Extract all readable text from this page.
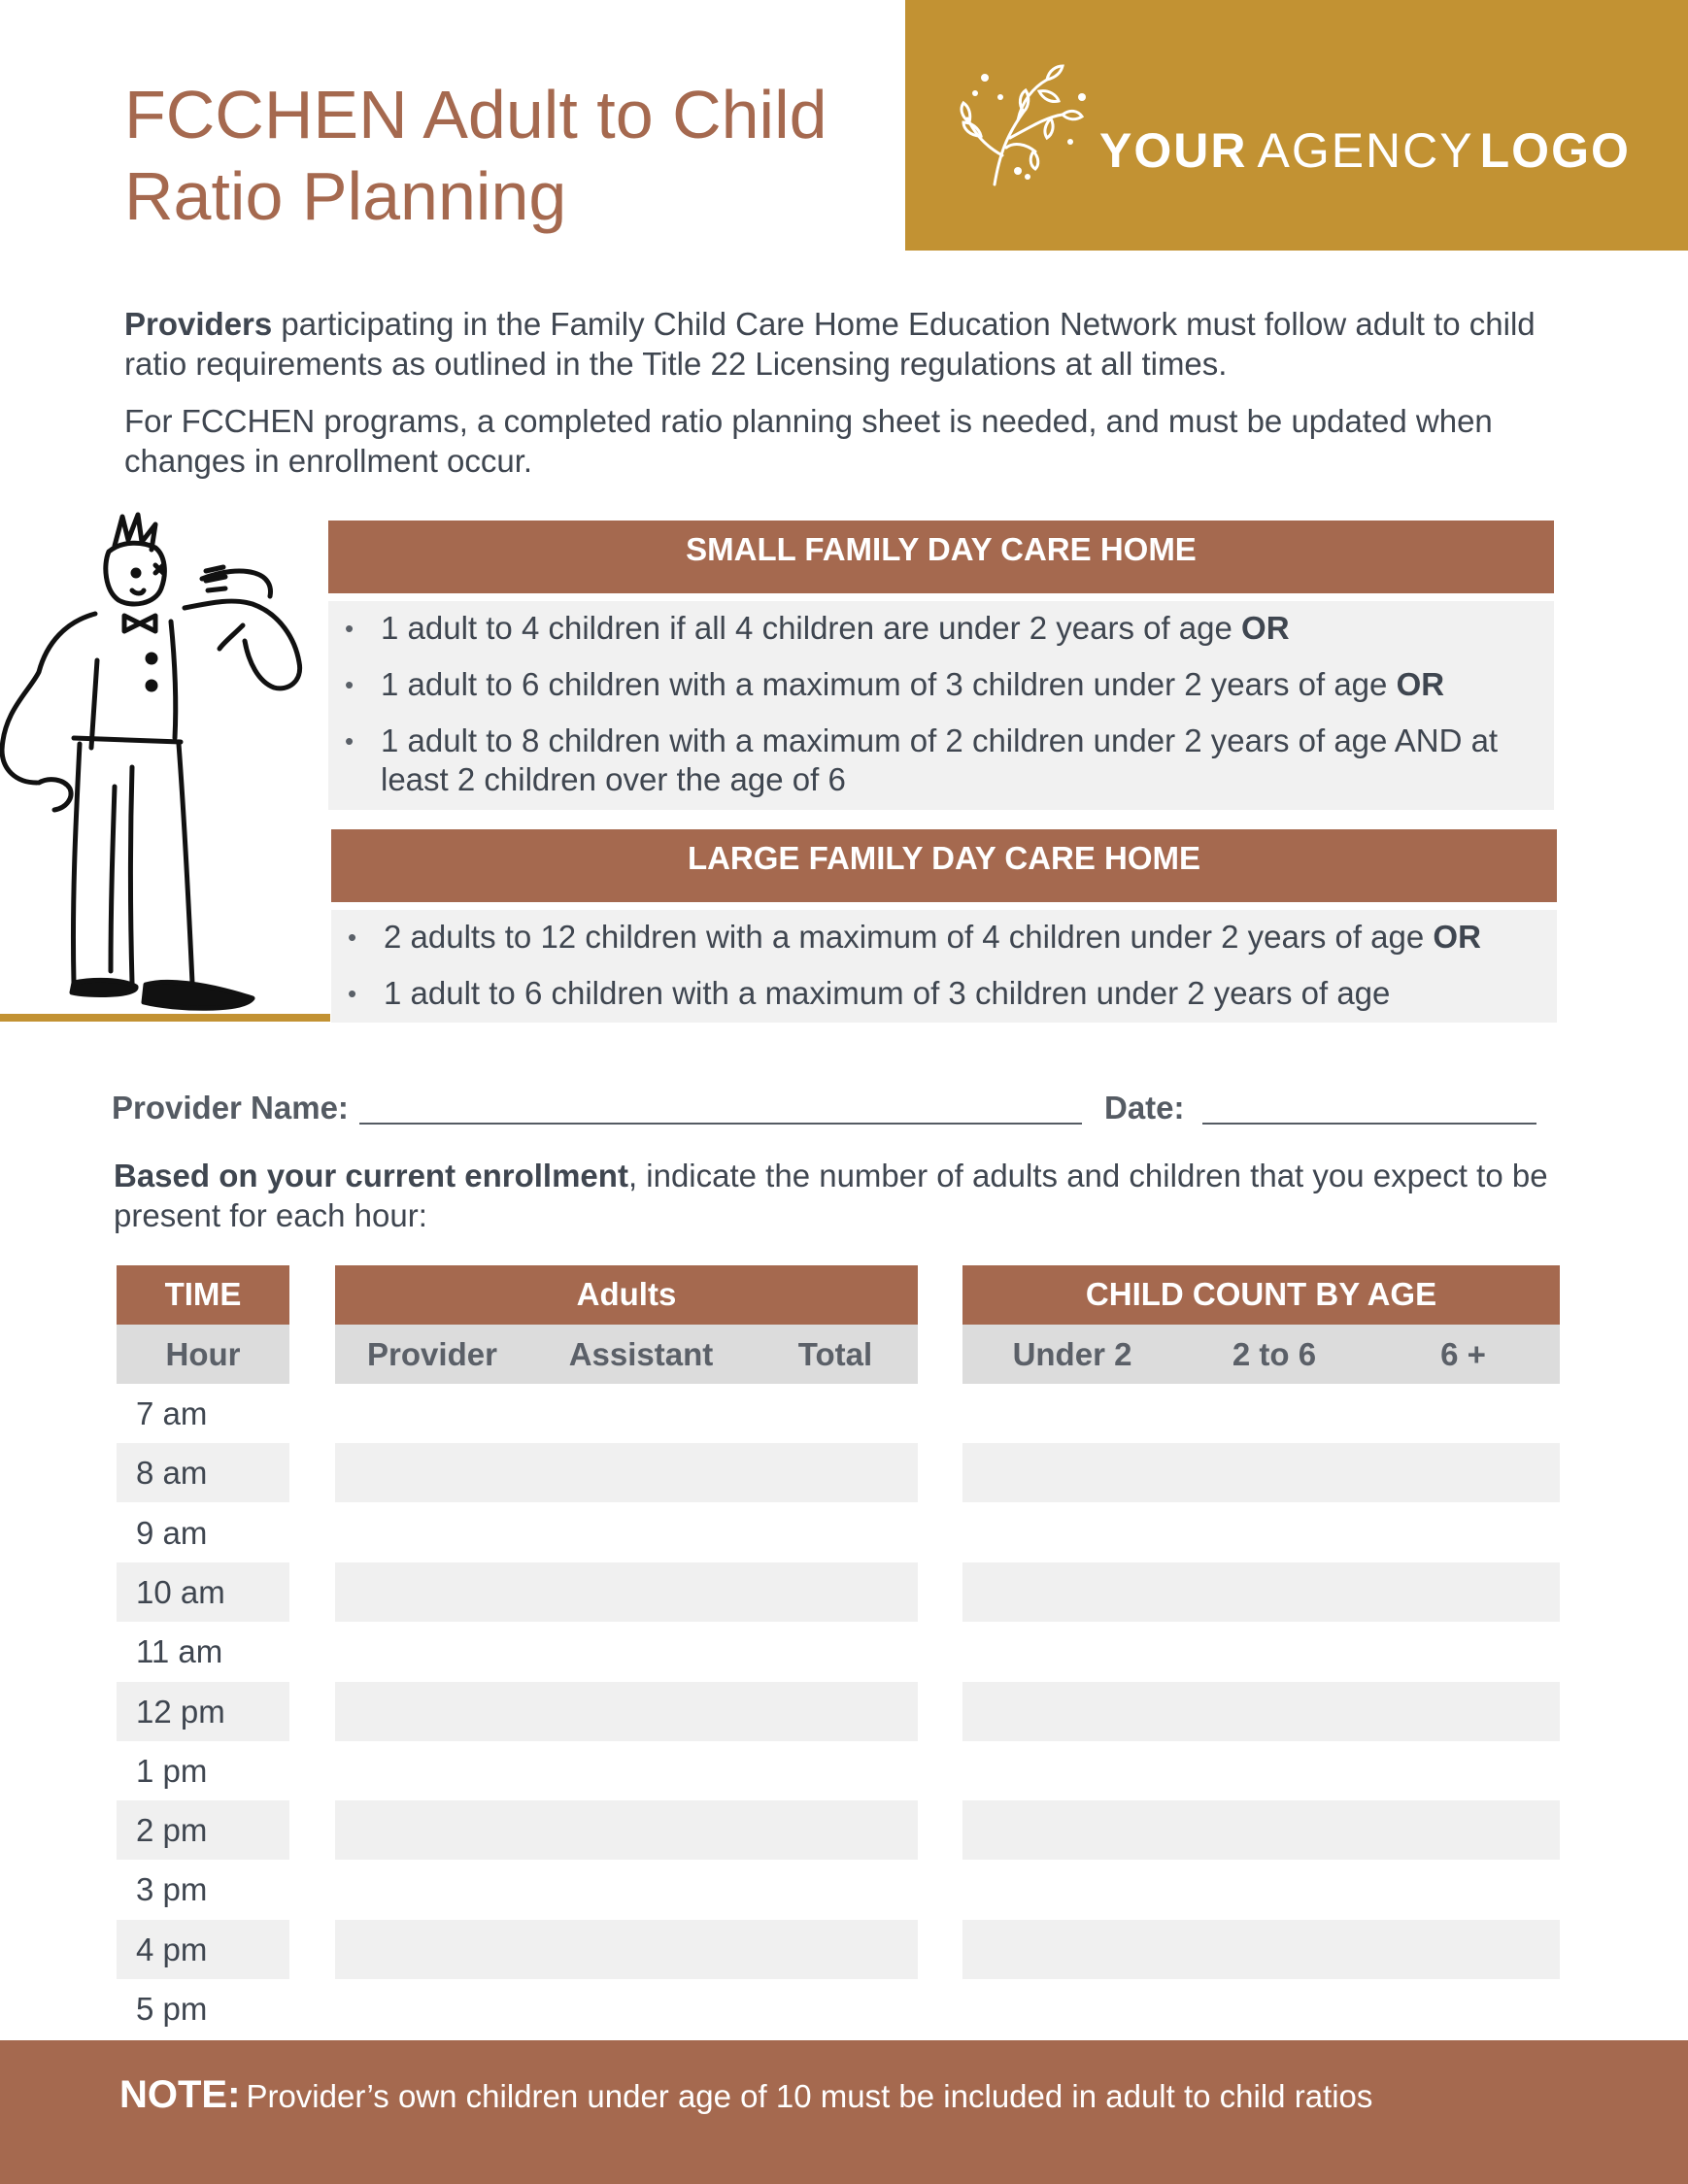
FCCHEN Adult to Child
Ratio Planning
YOUR AGENCY LOGO

Providers participating in the Family Child Care Home Education Network must follow adult to child ratio requirements as outlined in the Title 22 Licensing regulations at all times.

For FCCHEN programs, a completed ratio planning sheet is needed, and must be updated when changes in enrollment occur.

SMALL FAMILY DAY CARE HOME
• 1 adult to 4 children if all 4 children are under 2 years of age OR
• 1 adult to 6 children with a maximum of 3 children under 2 years of age OR
• 1 adult to 8 children with a maximum of 2 children under 2 years of age AND at least 2 children over the age of 6
LARGE FAMILY DAY CARE HOME
• 2 adults to 12 children with a maximum of 4 children under 2 years of age OR
• 1 adult to 6 children with a maximum of 3 children under 2 years of age
Provider Name:	Date:

Based on your current enrollment, indicate the number of adults and children that you expect to be present for each hour:

TIME	Adults	CHILD COUNT BY AGE
Hour	Provider	Assistant	Total	Under 2	2 to 6	6 +
7 am
8 am
9 am
10 am
11 am
12 pm
1 pm
2 pm
3 pm
4 pm
5 pm
NOTE: Provider’s own children under age of 10 must be included in adult to child ratios
